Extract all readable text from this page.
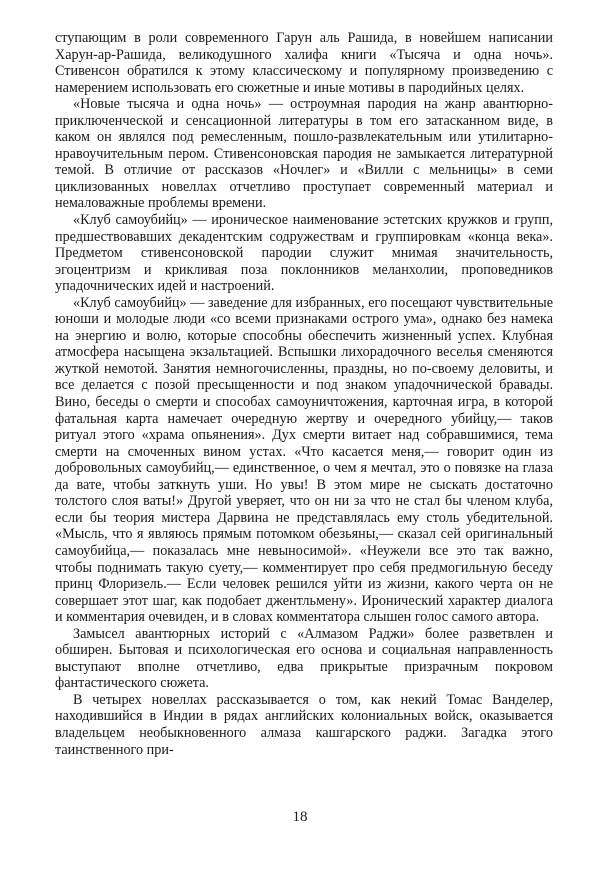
ступающим в роли современного Гарун аль Рашида, в новейшем написании Харун-ар-Рашида, великодушного халифа книги «Тысяча и одна ночь». Стивенсон обратился к этому классическому и популярному произведению с намерением использовать его сюжетные и иные мотивы в пародийных целях.

«Новые тысяча и одна ночь» — остроумная пародия на жанр авантюрно-приключенческой и сенсационной литературы в том его затасканном виде, в каком он являлся под ремесленным, пошло-развлекательным или утилитарно-нравоучительным пером. Стивенсоновская пародия не замыкается литературной темой. В отличие от рассказов «Ночлег» и «Вилли с мельницы» в семи циклизованных новеллах отчетливо проступает современный материал и немаловажные проблемы времени.

«Клуб самоубийц» — ироническое наименование эстетских кружков и групп, предшествовавших декадентским содружествам и группировкам «конца века». Предметом стивенсоновской пародии служит мнимая значительность, эгоцентризм и крикливая поза поклонников меланхолии, проповедников упадочнических идей и настроений.

«Клуб самоубийц» — заведение для избранных, его посещают чувствительные юноши и молодые люди «со всеми признаками острого ума», однако без намека на энергию и волю, которые способны обеспечить жизненный успех. Клубная атмосфера насыщена экзальтацией. Вспышки лихорадочного веселья сменяются жуткой немотой. Занятия немногочисленны, праздны, но по-своему деловиты, и все делается с позой пресыщенности и под знаком упадочнической бравады. Вино, беседы о смерти и способах самоуничтожения, карточная игра, в которой фатальная карта намечает очередную жертву и очередного убийцу,— таков ритуал этого «храма опьянения». Дух смерти витает над собравшимися, тема смерти на смоченных вином устах. «Что касается меня,— говорит один из добровольных самоубийц,— единственное, о чем я мечтал, это о повязке на глаза да вате, чтобы заткнуть уши. Но увы! В этом мире не сыскать достаточно толстого слоя ваты!» Другой уверяет, что он ни за что не стал бы членом клуба, если бы теория мистера Дарвина не представлялась ему столь убедительной. «Мысль, что я являюсь прямым потомком обезьяны,— сказал сей оригинальный самоубийца,— показалась мне невыносимой». «Неужели все это так важно, чтобы поднимать такую суету,— комментирует про себя предмогильную беседу принц Флоризель.— Если человек решился уйти из жизни, какого черта он не совершает этот шаг, как подобает джентльмену». Иронический характер диалога и комментария очевиден, и в словах комментатора слышен голос самого автора.

Замысел авантюрных историй с «Алмазом Раджи» более разветвлен и обширен. Бытовая и психологическая его основа и социальная направленность выступают вполне отчетливо, едва прикрытые призрачным покровом фантастического сюжета.

В четырех новеллах рассказывается о том, как некий Томас Ванделер, находившийся в Индии в рядах английских колониальных войск, оказывается владельцем необыкновенного алмаза кашгарского раджи. Загадка этого таинственного при-

18
